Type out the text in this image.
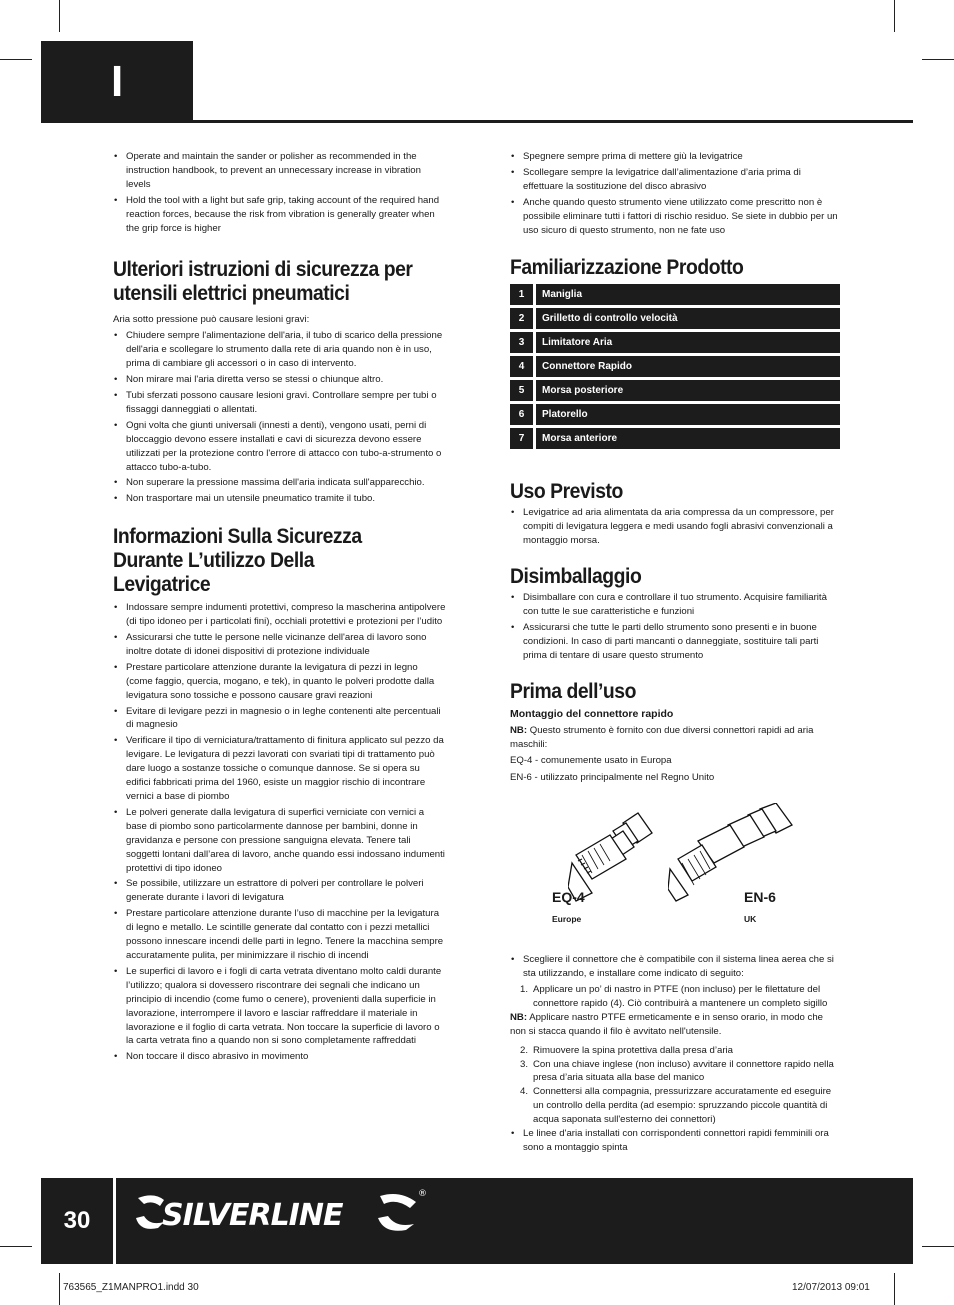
I
• Operate and maintain the sander or polisher as recommended in the instruction handbook, to prevent an unnecessary increase in vibration levels
• Hold the tool with a light but safe grip, taking account of the required hand reaction forces, because the risk from vibration is generally greater when the grip force is higher
Ulteriori istruzioni di sicurezza per utensili elettrici pneumatici

Aria sotto pressione può causare lesioni gravi:

• Chiudere sempre l'alimentazione dell'aria, il tubo di scarico della pressione dell'aria e scollegare lo strumento dalla rete di aria quando non è in uso, prima di cambiare gli accessori o in caso di intervento.
• Non mirare mai l'aria diretta verso se stessi o chiunque altro.
• Tubi sferzati possono causare lesioni gravi. Controllare sempre per tubi o fissaggi danneggiati o allentati.
• Ogni volta che giunti universali (innesti a denti), vengono usati, perni di bloccaggio devono essere installati e cavi di sicurezza devono essere utilizzati per la protezione contro l'errore di attacco con tubo-a-strumento o attacco tubo-a-tubo.
• Non superare la pressione massima dell'aria indicata sull'apparecchio.
• Non trasportare mai un utensile pneumatico tramite il tubo.
Informazioni Sulla Sicurezza Durante L’utilizzo Della Levigatrice
• Indossare sempre indumenti protettivi, compreso la mascherina antipolvere (di tipo idoneo per i particolati fini), occhiali protettivi e protezioni per l’udito
• Assicurarsi che tutte le persone nelle vicinanze dell'area di lavoro sono inoltre dotate di idonei dispositivi di protezione individuale
• Prestare particolare attenzione durante la levigatura di pezzi in legno (come faggio, quercia, mogano, e tek), in quanto le polveri prodotte dalla levigatura sono tossiche e possono causare gravi reazioni
• Evitare di levigare pezzi in magnesio o in leghe contenenti alte percentuali di magnesio
• Verificare il tipo di verniciatura/trattamento di finitura applicato sul pezzo da levigare. Le levigatura di pezzi lavorati con svariati tipi di trattamento può dare luogo a sostanze tossiche o comunque dannose. Se si opera su edifici fabbricati prima del 1960, esiste un maggior rischio di incontrare vernici a base di piombo
• Le polveri generate dalla levigatura di superfici verniciate con vernici a base di piombo sono particolarmente dannose per bambini, donne in gravidanza e persone con pressione sanguigna elevata. Tenere tali soggetti lontani dall’area di lavoro, anche quando essi indossano indumenti protettivi di tipo idoneo
• Se possibile, utilizzare un estrattore di polveri per controllare le polveri generate durante i lavori di levigatura
• Prestare particolare attenzione durante l’uso di macchine per la levigatura di legno e metallo. Le scintille generate dal contatto con i pezzi metallici possono innescare incendi delle parti in legno. Tenere la macchina sempre accuratamente pulita, per minimizzare il rischio di incendi
• Le superfici di lavoro e i fogli di carta vetrata diventano molto caldi durante l’utilizzo; qualora si dovessero riscontrare dei segnali che indicano un principio di incendio (come fumo o cenere), provenienti dalla superficie in lavorazione, interrompere il lavoro e lasciar raffreddare il materiale in lavorazione e il foglio di carta vetrata. Non toccare la superficie di lavoro o la carta vetrata fino a quando non si sono completamente raffreddati
• Non toccare il disco abrasivo in movimento
• Spegnere sempre prima di mettere giù la levigatrice
• Scollegare sempre la levigatrice dall’alimentazione d’aria prima di effettuare la sostituzione del disco abrasivo
• Anche quando questo strumento viene utilizzato come prescritto non è possibile eliminare tutti i fattori di rischio residuo. Se siete in dubbio per un uso sicuro di questo strumento, non ne fate uso
Familiarizzazione Prodotto
1	Maniglia
2	Grilletto di controllo velocità
3	Limitatore Aria
4	Connettore Rapido
5	Morsa posteriore
6	Platorello
7	Morsa anteriore
Uso Previsto
• Levigatrice ad aria alimentata da aria compressa da un compressore, per compiti di levigatura leggera e medi usando fogli abrasivi convenzionali a montaggio morsa.
Disimballaggio
• Disimballare con cura e controllare il tuo strumento. Acquisire familiarità con tutte le sue caratteristiche e funzioni
• Assicurarsi che tutte le parti dello strumento sono presenti e in buone condizioni. In caso di parti mancanti o danneggiate, sostituire tali parti prima di tentare di usare questo strumento
Prima dell’uso

Montaggio del connettore rapido

NB: Questo strumento è fornito con due diversi connettori rapidi ad aria maschili:

EQ-4 - comunemente usato in Europa

EN-6 - utilizzato principalmente nel Regno Unito

EQ-4
Europe
EN-6
UK
• Scegliere il connettore che è compatibile con il sistema linea aerea che si sta utilizzando, e installare come indicato di seguito:
1. Applicare un po’ di nastro in PTFE (non incluso) per le filettature del connettore rapido (4). Ciò contribuirà a mantenere un completo sigillo

NB: Applicare nastro PTFE ermeticamente e in senso orario, in modo che non si stacca quando il filo è avvitato nell'utensile.

2. Rimuovere la spina protettiva dalla presa d’aria
3. Con una chiave inglese (non incluso) avvitare il connettore rapido nella presa d’aria situata alla base del manico
4. Connettersi alla compagnia, pressurizzare accuratamente ed eseguire un controllo della perdita (ad esempio: spruzzando piccole quantità di acqua saponata sull'esterno dei connettori)
• Le linee d'aria installati con corrispondenti connettori rapidi femminili ora sono a montaggio spinta
30	SILVERLINE
®
763565_Z1MANPRO1.indd 30	12/07/2013 09:01
